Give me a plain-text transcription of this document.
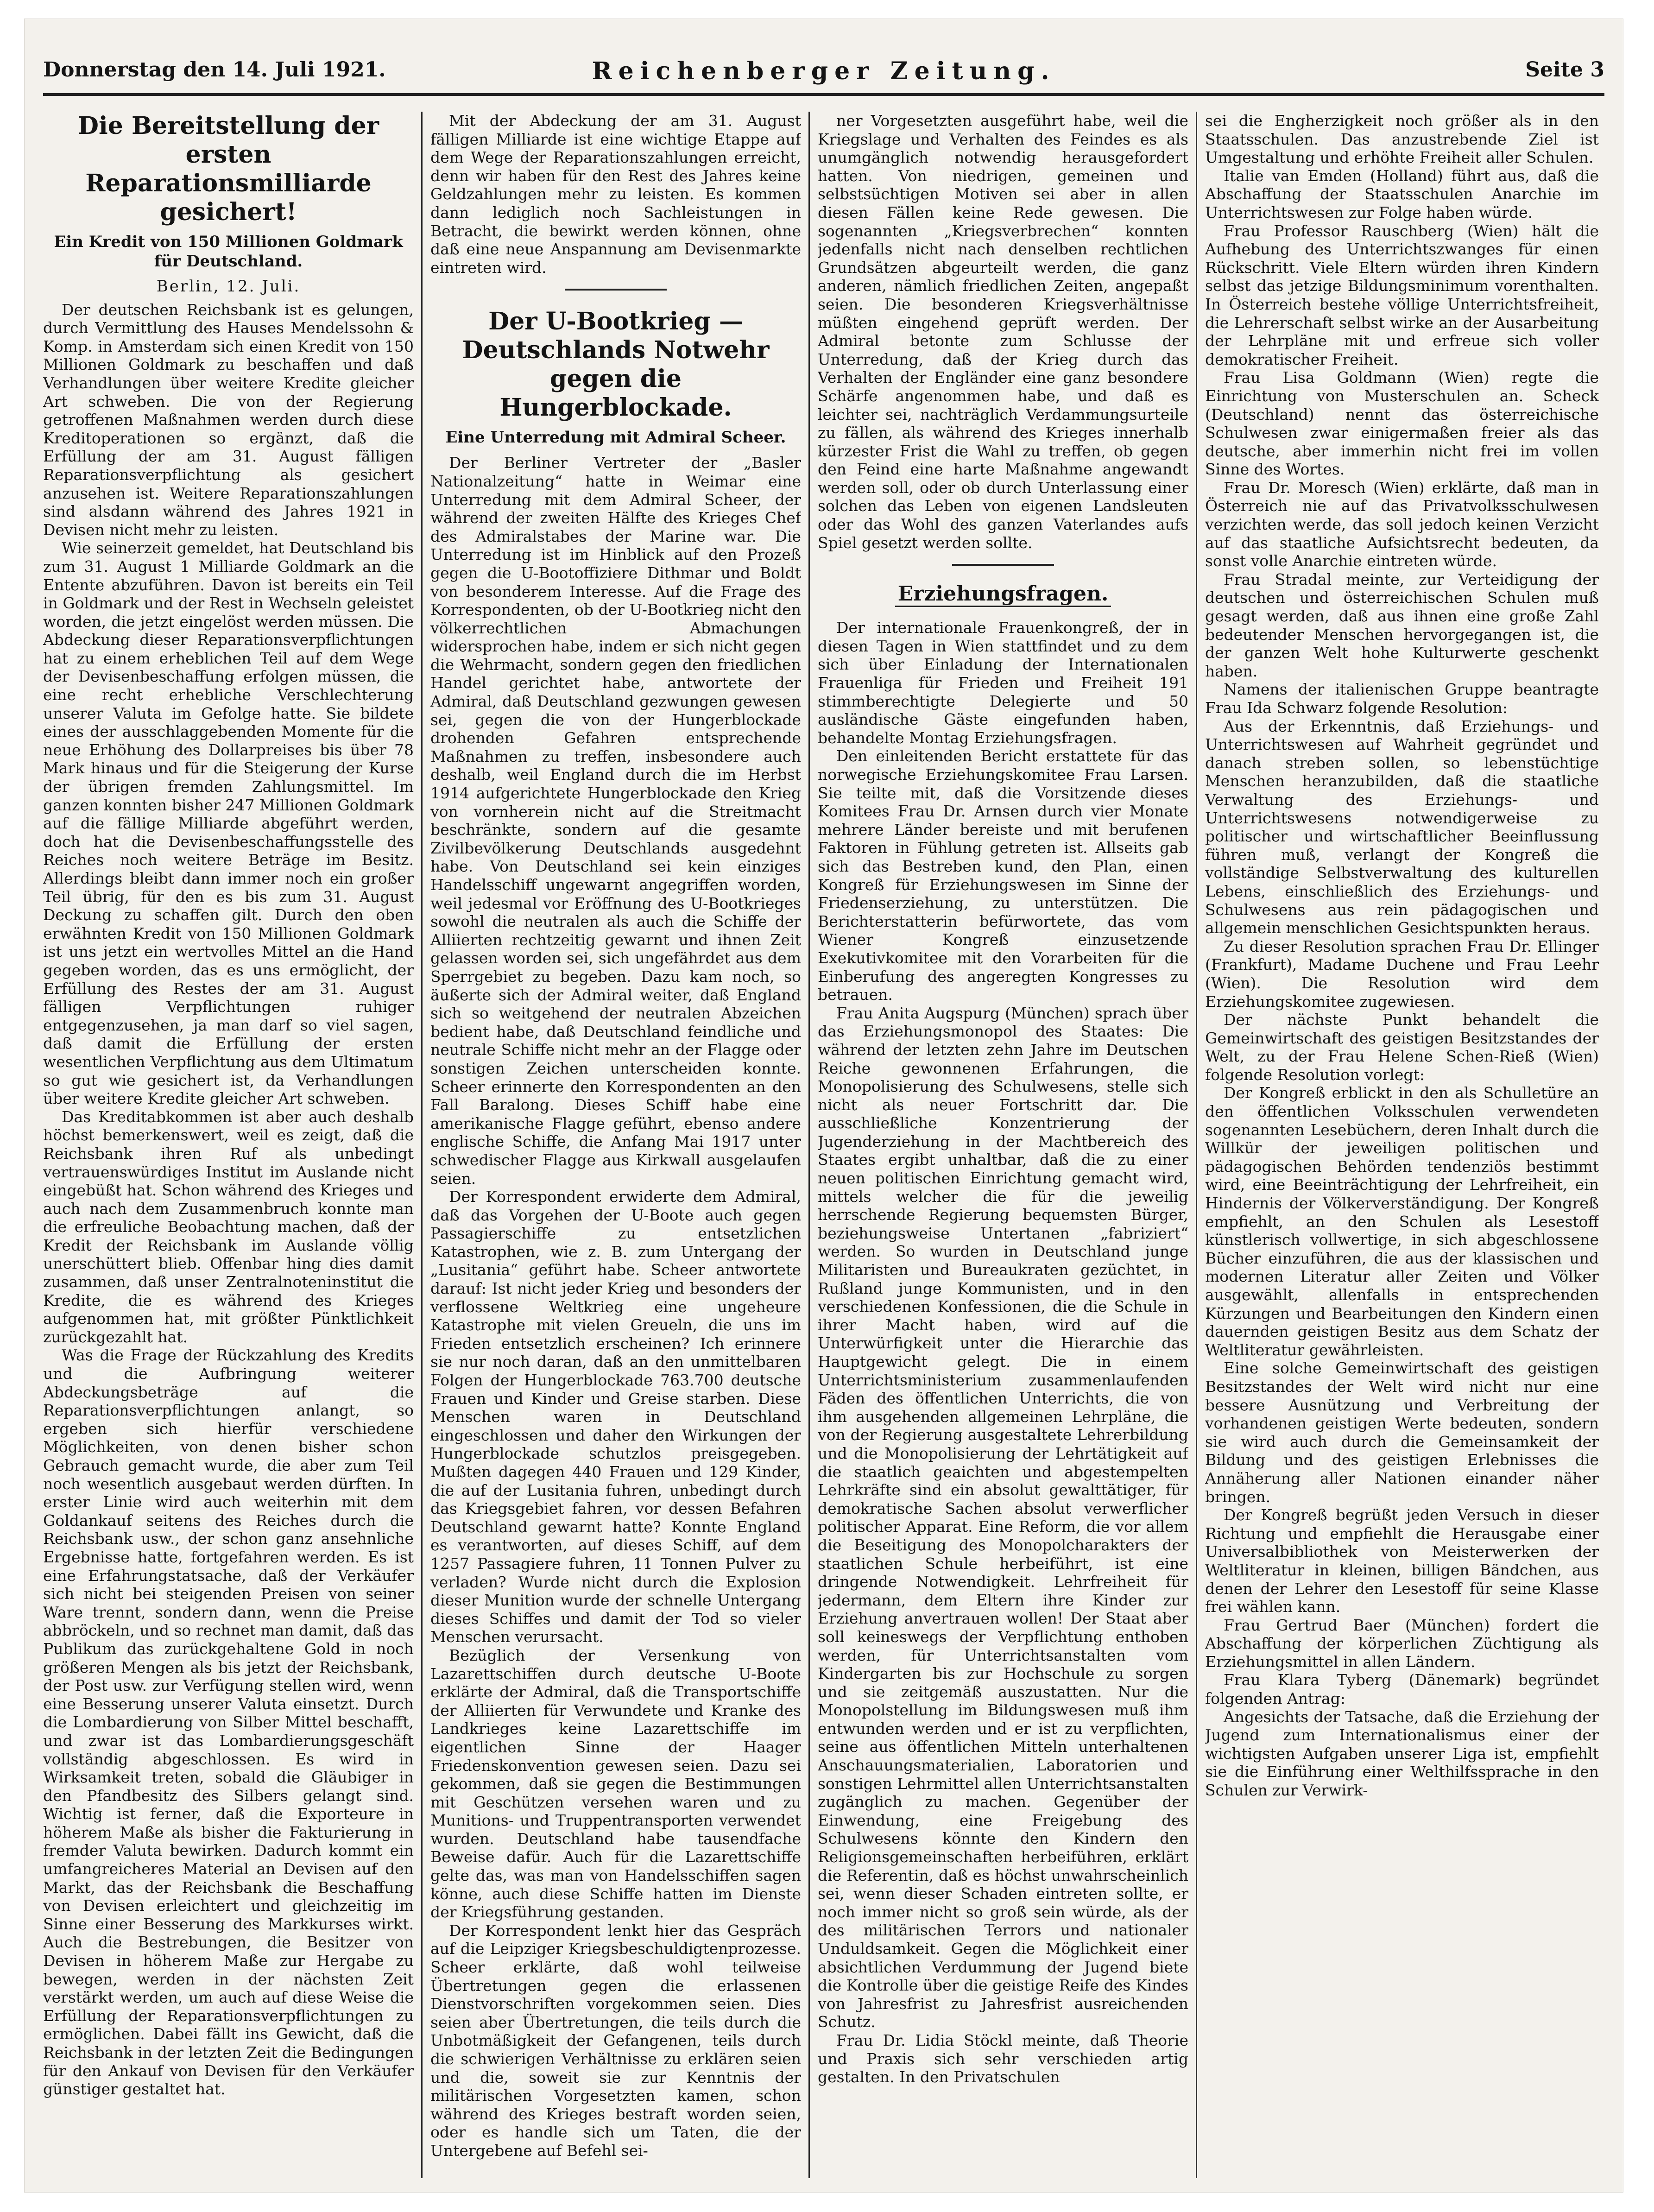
Donnerstag den 14. Juli 1921.	Reichenberger Zeitung.	Seite 3
Die Bereitstellung der ersten Reparationsmilliarde gesichert!
Ein Kredit von 150 Millionen Goldmark für Deutschland.
Berlin, 12. Juli.

Der deutschen Reichsbank ist es gelungen, durch Vermittlung des Hauses Mendelssohn & Komp. in Amsterdam sich einen Kredit von 150 Millionen Goldmark zu beschaffen und daß Verhandlungen über weitere Kredite gleicher Art schweben. Die von der Regierung getroffenen Maßnahmen werden durch diese Kreditoperationen so ergänzt, daß die Erfüllung der am 31. August fälligen Reparationsverpflichtung als gesichert anzusehen ist. Weitere Reparationszahlungen sind alsdann während des Jahres 1921 in Devisen nicht mehr zu leisten.

Wie seinerzeit gemeldet, hat Deutschland bis zum 31. August 1 Milliarde Goldmark an die Entente abzuführen. Davon ist bereits ein Teil in Goldmark und der Rest in Wechseln geleistet worden, die jetzt eingelöst werden müssen. Die Abdeckung dieser Reparationsverpflichtungen hat zu einem erheblichen Teil auf dem Wege der Devisenbeschaffung erfolgen müssen, die eine recht erhebliche Verschlechterung unserer Valuta im Gefolge hatte. Sie bildete eines der ausschlaggebenden Momente für die neue Erhöhung des Dollarpreises bis über 78 Mark hinaus und für die Steigerung der Kurse der übrigen fremden Zahlungsmittel. Im ganzen konnten bisher 247 Millionen Goldmark auf die fällige Milliarde abgeführt werden, doch hat die Devisenbeschaffungsstelle des Reiches noch weitere Beträge im Besitz. Allerdings bleibt dann immer noch ein großer Teil übrig, für den es bis zum 31. August Deckung zu schaffen gilt. Durch den oben erwähnten Kredit von 150 Millionen Goldmark ist uns jetzt ein wertvolles Mittel an die Hand gegeben worden, das es uns ermöglicht, der Erfüllung des Restes der am 31. August fälligen Verpflichtungen ruhiger entgegenzusehen, ja man darf so viel sagen, daß damit die Erfüllung der ersten wesentlichen Verpflichtung aus dem Ultimatum so gut wie gesichert ist, da Verhandlungen über weitere Kredite gleicher Art schweben.

Das Kreditabkommen ist aber auch deshalb höchst bemerkenswert, weil es zeigt, daß die Reichsbank ihren Ruf als unbedingt vertrauenswürdiges Institut im Auslande nicht eingebüßt hat. Schon während des Krieges und auch nach dem Zusammenbruch konnte man die erfreuliche Beobachtung machen, daß der Kredit der Reichsbank im Auslande völlig unerschüttert blieb. Offenbar hing dies damit zusammen, daß unser Zentralnoteninstitut die Kredite, die es während des Krieges aufgenommen hat, mit größter Pünktlichkeit zurückgezahlt hat.

Was die Frage der Rückzahlung des Kredits und die Aufbringung weiterer Abdeckungsbeträge auf die Reparationsverpflichtungen anlangt, so ergeben sich hierfür verschiedene Möglichkeiten, von denen bisher schon Gebrauch gemacht wurde, die aber zum Teil noch wesentlich ausgebaut werden dürften. In erster Linie wird auch weiterhin mit dem Goldankauf seitens des Reiches durch die Reichsbank usw., der schon ganz ansehnliche Ergebnisse hatte, fortgefahren werden. Es ist eine Erfahrungstatsache, daß der Verkäufer sich nicht bei steigenden Preisen von seiner Ware trennt, sondern dann, wenn die Preise abbröckeln, und so rechnet man damit, daß das Publikum das zurückgehaltene Gold in noch größeren Mengen als bis jetzt der Reichsbank, der Post usw. zur Verfügung stellen wird, wenn eine Besserung unserer Valuta einsetzt. Durch die Lombardierung von Silber Mittel beschafft, und zwar ist das Lombardierungsgeschäft vollständig abgeschlossen. Es wird in Wirksamkeit treten, sobald die Gläubiger in den Pfandbesitz des Silbers gelangt sind. Wichtig ist ferner, daß die Exporteure in höherem Maße als bisher die Fakturierung in fremder Valuta bewirken. Dadurch kommt ein umfangreicheres Material an Devisen auf den Markt, das der Reichsbank die Beschaffung von Devisen erleichtert und gleichzeitig im Sinne einer Besserung des Markkurses wirkt. Auch die Bestrebungen, die Besitzer von Devisen in höherem Maße zur Hergabe zu bewegen, werden in der nächsten Zeit verstärkt werden, um auch auf diese Weise die Erfüllung der Reparationsverpflichtungen zu ermöglichen. Dabei fällt ins Gewicht, daß die Reichsbank in der letzten Zeit die Bedingungen für den Ankauf von Devisen für den Verkäufer günstiger gestaltet hat.

Mit der Abdeckung der am 31. August fälligen Milliarde ist eine wichtige Etappe auf dem Wege der Reparationszahlungen erreicht, denn wir haben für den Rest des Jahres keine Geldzahlungen mehr zu leisten. Es kommen dann lediglich noch Sachleistungen in Betracht, die bewirkt werden können, ohne daß eine neue Anspannung am Devisenmarkte eintreten wird.

Der U-Bootkrieg — Deutschlands Notwehr gegen die Hungerblockade.
Eine Unterredung mit Admiral Scheer.

Der Berliner Vertreter der „Basler Nationalzeitung“ hatte in Weimar eine Unterredung mit dem Admiral Scheer, der während der zweiten Hälfte des Krieges Chef des Admiralstabes der Marine war. Die Unterredung ist im Hinblick auf den Prozeß gegen die U-Bootoffiziere Dithmar und Boldt von besonderem Interesse. Auf die Frage des Korrespondenten, ob der U-Bootkrieg nicht den völkerrechtlichen Abmachungen widersprochen habe, indem er sich nicht gegen die Wehrmacht, sondern gegen den friedlichen Handel gerichtet habe, antwortete der Admiral, daß Deutschland gezwungen gewesen sei, gegen die von der Hungerblockade drohenden Gefahren entsprechende Maßnahmen zu treffen, insbesondere auch deshalb, weil England durch die im Herbst 1914 aufgerichtete Hungerblockade den Krieg von vornherein nicht auf die Streitmacht beschränkte, sondern auf die gesamte Zivilbevölkerung Deutschlands ausgedehnt habe. Von Deutschland sei kein einziges Handelsschiff ungewarnt angegriffen worden, weil jedesmal vor Eröffnung des U-Bootkrieges sowohl die neutralen als auch die Schiffe der Alliierten rechtzeitig gewarnt und ihnen Zeit gelassen worden sei, sich ungefährdet aus dem Sperrgebiet zu begeben. Dazu kam noch, so äußerte sich der Admiral weiter, daß England sich so weitgehend der neutralen Abzeichen bedient habe, daß Deutschland feindliche und neutrale Schiffe nicht mehr an der Flagge oder sonstigen Zeichen unterscheiden konnte. Scheer erinnerte den Korrespondenten an den Fall Baralong. Dieses Schiff habe eine amerikanische Flagge geführt, ebenso andere englische Schiffe, die Anfang Mai 1917 unter schwedischer Flagge aus Kirkwall ausgelaufen seien.

Der Korrespondent erwiderte dem Admiral, daß das Vorgehen der U-Boote auch gegen Passagierschiffe zu entsetzlichen Katastrophen, wie z. B. zum Untergang der „Lusitania“ geführt habe. Scheer antwortete darauf: Ist nicht jeder Krieg und besonders der verflossene Weltkrieg eine ungeheure Katastrophe mit vielen Greueln, die uns im Frieden entsetzlich erscheinen? Ich erinnere sie nur noch daran, daß an den unmittelbaren Folgen der Hungerblockade 763.700 deutsche Frauen und Kinder und Greise starben. Diese Menschen waren in Deutschland eingeschlossen und daher den Wirkungen der Hungerblockade schutzlos preisgegeben. Mußten dagegen 440 Frauen und 129 Kinder, die auf der Lusitania fuhren, unbedingt durch das Kriegsgebiet fahren, vor dessen Befahren Deutschland gewarnt hatte? Konnte England es verantworten, auf dieses Schiff, auf dem 1257 Passagiere fuhren, 11 Tonnen Pulver zu verladen? Wurde nicht durch die Explosion dieser Munition wurde der schnelle Untergang dieses Schiffes und damit der Tod so vieler Menschen verursacht.

Bezüglich der Versenkung von Lazarettschiffen durch deutsche U-Boote erklärte der Admiral, daß die Transportschiffe der Alliierten für Verwundete und Kranke des Landkrieges keine Lazarettschiffe im eigentlichen Sinne der Haager Friedenskonvention gewesen seien. Dazu sei gekommen, daß sie gegen die Bestimmungen mit Geschützen versehen waren und zu Munitions- und Truppentransporten verwendet wurden. Deutschland habe tausendfache Beweise dafür. Auch für die Lazarettschiffe gelte das, was man von Handelsschiffen sagen könne, auch diese Schiffe hatten im Dienste der Kriegsführung gestanden.

Der Korrespondent lenkt hier das Gespräch auf die Leipziger Kriegsbeschuldigtenprozesse. Scheer erklärte, daß wohl teilweise Übertretungen gegen die erlassenen Dienstvorschriften vorgekommen seien. Dies seien aber Übertretungen, die teils durch die Unbotmäßigkeit der Gefangenen, teils durch die schwierigen Verhältnisse zu erklären seien und die, soweit sie zur Kenntnis der militärischen Vorgesetzten kamen, schon während des Krieges bestraft worden seien, oder es handle sich um Taten, die der Untergebene auf Befehl sei-

ner Vorgesetzten ausgeführt habe, weil die Kriegslage und Verhalten des Feindes es als unumgänglich notwendig herausgefordert hatten. Von niedrigen, gemeinen und selbstsüchtigen Motiven sei aber in allen diesen Fällen keine Rede gewesen. Die sogenannten „Kriegsverbrechen“ konnten jedenfalls nicht nach denselben rechtlichen Grundsätzen abgeurteilt werden, die ganz anderen, nämlich friedlichen Zeiten, angepaßt seien. Die besonderen Kriegsverhältnisse müßten eingehend geprüft werden. Der Admiral betonte zum Schlusse der Unterredung, daß der Krieg durch das Verhalten der Engländer eine ganz besondere Schärfe angenommen habe, und daß es leichter sei, nachträglich Verdammungsurteile zu fällen, als während des Krieges innerhalb kürzester Frist die Wahl zu treffen, ob gegen den Feind eine harte Maßnahme angewandt werden soll, oder ob durch Unterlassung einer solchen das Leben von eigenen Landsleuten oder das Wohl des ganzen Vaterlandes aufs Spiel gesetzt werden sollte.

Erziehungsfragen.

Der internationale Frauenkongreß, der in diesen Tagen in Wien stattfindet und zu dem sich über Einladung der Internationalen Frauenliga für Frieden und Freiheit 191 stimmberechtigte Delegierte und 50 ausländische Gäste eingefunden haben, behandelte Montag Erziehungsfragen.

Den einleitenden Bericht erstattete für das norwegische Erziehungskomitee Frau Larsen. Sie teilte mit, daß die Vorsitzende dieses Komitees Frau Dr. Arnsen durch vier Monate mehrere Länder bereiste und mit berufenen Faktoren in Fühlung getreten ist. Allseits gab sich das Bestreben kund, den Plan, einen Kongreß für Erziehungswesen im Sinne der Friedenserziehung, zu unterstützen. Die Berichterstatterin befürwortete, das vom Wiener Kongreß einzusetzende Exekutivkomitee mit den Vorarbeiten für die Einberufung des angeregten Kongresses zu betrauen.

Frau Anita Augspurg (München) sprach über das Erziehungsmonopol des Staates: Die während der letzten zehn Jahre im Deutschen Reiche gewonnenen Erfahrungen, die Monopolisierung des Schulwesens, stelle sich nicht als neuer Fortschritt dar. Die ausschließliche Konzentrierung der Jugenderziehung in der Machtbereich des Staates ergibt unhaltbar, daß die zu einer neuen politischen Einrichtung gemacht wird, mittels welcher die für die jeweilig herrschende Regierung bequemsten Bürger, beziehungsweise Untertanen „fabriziert“ werden. So wurden in Deutschland junge Militaristen und Bureaukraten gezüchtet, in Rußland junge Kommunisten, und in den verschiedenen Konfessionen, die die Schule in ihrer Macht haben, wird auf die Unterwürfigkeit unter die Hierarchie das Hauptgewicht gelegt. Die in einem Unterrichtsministerium zusammenlaufenden Fäden des öffentlichen Unterrichts, die von ihm ausgehenden allgemeinen Lehrpläne, die von der Regierung ausgestaltete Lehrerbildung und die Monopolisierung der Lehrtätigkeit auf die staatlich geaichten und abgestempelten Lehrkräfte sind ein absolut gewalttätiger, für demokratische Sachen absolut verwerflicher politischer Apparat. Eine Reform, die vor allem die Beseitigung des Monopolcharakters der staatlichen Schule herbeiführt, ist eine dringende Notwendigkeit. Lehrfreiheit für jedermann, dem Eltern ihre Kinder zur Erziehung anvertrauen wollen! Der Staat aber soll keineswegs der Verpflichtung enthoben werden, für Unterrichtsanstalten vom Kindergarten bis zur Hochschule zu sorgen und sie zeitgemäß auszustatten. Nur die Monopolstellung im Bildungswesen muß ihm entwunden werden und er ist zu verpflichten, seine aus öffentlichen Mitteln unterhaltenen Anschauungsmaterialien, Laboratorien und sonstigen Lehrmittel allen Unterrichtsanstalten zugänglich zu machen. Gegenüber der Einwendung, eine Freigebung des Schulwesens könnte den Kindern den Religionsgemeinschaften herbeiführen, erklärt die Referentin, daß es höchst unwahrscheinlich sei, wenn dieser Schaden eintreten sollte, er noch immer nicht so groß sein würde, als der des militärischen Terrors und nationaler Unduldsamkeit. Gegen die Möglichkeit einer absichtlichen Verdummung der Jugend biete die Kontrolle über die geistige Reife des Kindes von Jahresfrist zu Jahresfrist ausreichenden Schutz.

Frau Dr. Lidia Stöckl meinte, daß Theorie und Praxis sich sehr verschieden artig gestalten. In den Privatschulen

sei die Engherzigkeit noch größer als in den Staatsschulen. Das anzustrebende Ziel ist Umgestaltung und erhöhte Freiheit aller Schulen.

Italie van Emden (Holland) führt aus, daß die Abschaffung der Staatsschulen Anarchie im Unterrichtswesen zur Folge haben würde.

Frau Professor Rauschberg (Wien) hält die Aufhebung des Unterrichtszwanges für einen Rückschritt. Viele Eltern würden ihren Kindern selbst das jetzige Bildungsminimum vorenthalten. In Österreich bestehe völlige Unterrichtsfreiheit, die Lehrerschaft selbst wirke an der Ausarbeitung der Lehrpläne mit und erfreue sich voller demokratischer Freiheit.

Frau Lisa Goldmann (Wien) regte die Einrichtung von Musterschulen an. Scheck (Deutschland) nennt das österreichische Schulwesen zwar einigermaßen freier als das deutsche, aber immerhin nicht frei im vollen Sinne des Wortes.

Frau Dr. Moresch (Wien) erklärte, daß man in Österreich nie auf das Privatvolksschulwesen verzichten werde, das soll jedoch keinen Verzicht auf das staatliche Aufsichtsrecht bedeuten, da sonst volle Anarchie eintreten würde.

Frau Stradal meinte, zur Verteidigung der deutschen und österreichischen Schulen muß gesagt werden, daß aus ihnen eine große Zahl bedeutender Menschen hervorgegangen ist, die der ganzen Welt hohe Kulturwerte geschenkt haben.

Namens der italienischen Gruppe beantragte Frau Ida Schwarz folgende Resolution:

Aus der Erkenntnis, daß Erziehungs- und Unterrichtswesen auf Wahrheit gegründet und danach streben sollen, so lebenstüchtige Menschen heranzubilden, daß die staatliche Verwaltung des Erziehungs- und Unterrichtswesens notwendigerweise zu politischer und wirtschaftlicher Beeinflussung führen muß, verlangt der Kongreß die vollständige Selbstverwaltung des kulturellen Lebens, einschließlich des Erziehungs- und Schulwesens aus rein pädagogischen und allgemein menschlichen Gesichtspunkten heraus.

Zu dieser Resolution sprachen Frau Dr. Ellinger (Frankfurt), Madame Duchene und Frau Leehr (Wien). Die Resolution wird dem Erziehungskomitee zugewiesen.

Der nächste Punkt behandelt die Gemeinwirtschaft des geistigen Besitzstandes der Welt, zu der Frau Helene Schen-Rieß (Wien) folgende Resolution vorlegt:

Der Kongreß erblickt in den als Schulletüre an den öffentlichen Volksschulen verwendeten sogenannten Lesebüchern, deren Inhalt durch die Willkür der jeweiligen politischen und pädagogischen Behörden tendenziös bestimmt wird, eine Beeinträchtigung der Lehrfreiheit, ein Hindernis der Völkerverständigung. Der Kongreß empfiehlt, an den Schulen als Lesestoff künstlerisch vollwertige, in sich abgeschlossene Bücher einzuführen, die aus der klassischen und modernen Literatur aller Zeiten und Völker ausgewählt, allenfalls in entsprechenden Kürzungen und Bearbeitungen den Kindern einen dauernden geistigen Besitz aus dem Schatz der Weltliteratur gewährleisten.

Eine solche Gemeinwirtschaft des geistigen Besitzstandes der Welt wird nicht nur eine bessere Ausnützung und Verbreitung der vorhandenen geistigen Werte bedeuten, sondern sie wird auch durch die Gemeinsamkeit der Bildung und des geistigen Erlebnisses die Annäherung aller Nationen einander näher bringen.

Der Kongreß begrüßt jeden Versuch in dieser Richtung und empfiehlt die Herausgabe einer Universalbibliothek von Meisterwerken der Weltliteratur in kleinen, billigen Bändchen, aus denen der Lehrer den Lesestoff für seine Klasse frei wählen kann.

Frau Gertrud Baer (München) fordert die Abschaffung der körperlichen Züchtigung als Erziehungsmittel in allen Ländern.

Frau Klara Tyberg (Dänemark) begründet folgenden Antrag:

Angesichts der Tatsache, daß die Erziehung der Jugend zum Internationalismus einer der wichtigsten Aufgaben unserer Liga ist, empfiehlt sie die Einführung einer Welthilfssprache in den Schulen zur Verwirk-
